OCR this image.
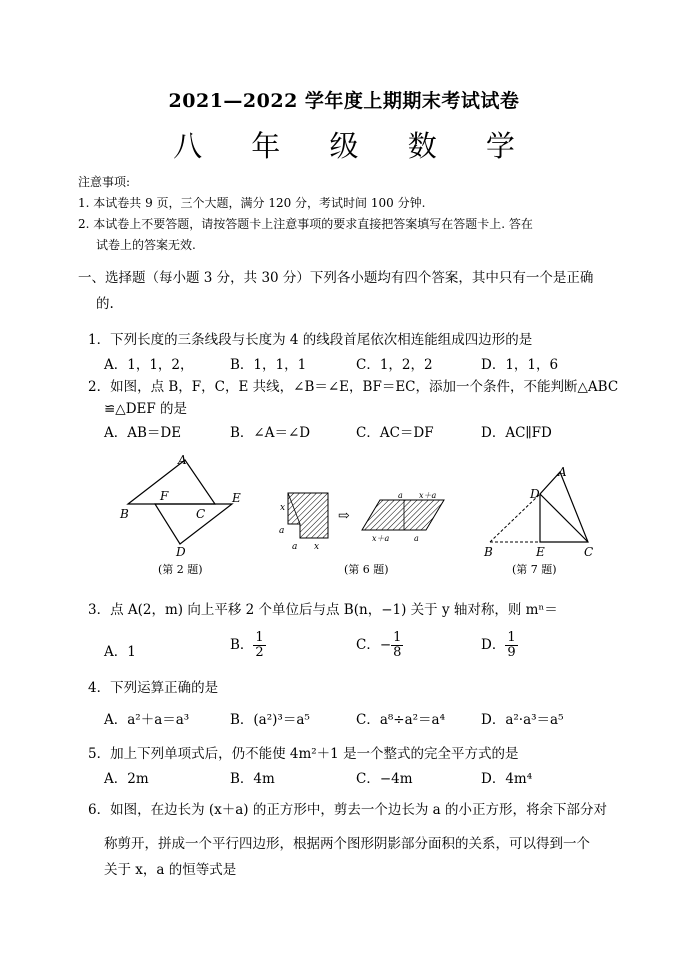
2021—2022 学年度上期期末考试试卷
八 年 级 数 学
注意事项:
1. 本试卷共 9 页，三个大题，满分 120 分，考试时间 100 分钟.
2. 本试卷上不要答题，请按答题卡上注意事项的要求直接把答案填写在答题卡上. 答在
试卷上的答案无效.
一、选择题（每小题 3 分，共 30 分）下列各小题均有四个答案，其中只有一个是正确
的.
1．下列长度的三条线段与长度为 4 的线段首尾依次相连能组成四边形的是
A．1，1，2，	B．1，1，1	C．1，2，2	D．1，1，6
2．如图，点 B，F，C，E 共线，∠B＝∠E，BF＝EC，添加一个条件，不能判断△ABC
≌△DEF 的是
A．AB＝DE	B．∠A＝∠D	C．AC＝DF	D．AC∥FD
A
B
F
C
E
D
(第 2 题)
x
a
a x
⇨
a x＋a
x＋a	a
(第 6 题)
A
D
B	E	C
(第 7 题)
3．点 A(2，m) 向上平移 2 个单位后与点 B(n，−1) 关于 y 轴对称，则 mⁿ＝
A．1	B． $\frac{1}{2}$	C．− $\frac{1}{8}$	D． $\frac{1}{9}$
4．下列运算正确的是
A．a²＋a＝a³	B．(a²)³＝a⁵	C．a⁸÷a²＝a⁴	D．a²·a³＝a⁵
5．加上下列单项式后，仍不能使 4m²＋1 是一个整式的完全平方式的是
A．2m	B．4m	C．−4m	D．4m⁴
6．如图，在边长为 (x＋a) 的正方形中，剪去一个边长为 a 的小正方形，将余下部分对
称剪开，拼成一个平行四边形，根据两个图形阴影部分面积的关系，可以得到一个
关于 x，a 的恒等式是
